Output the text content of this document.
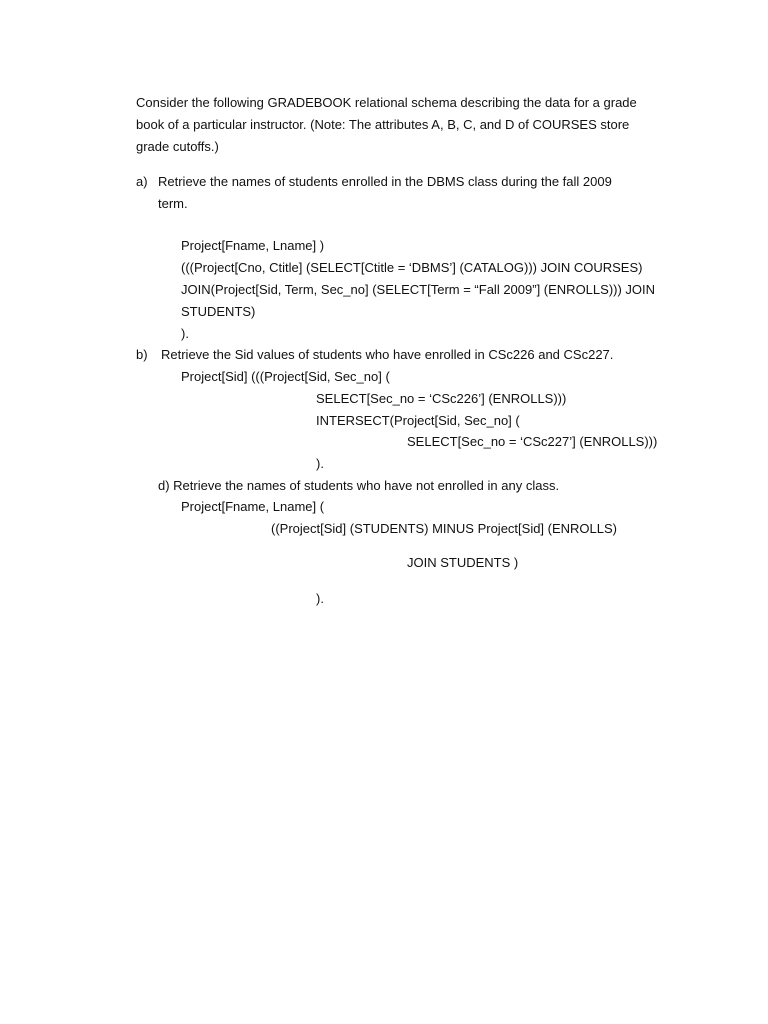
Consider the following GRADEBOOK relational schema describing the data for a grade
book of a particular instructor. (Note: The attributes A, B, C, and D of COURSES store
grade cutoffs.)
a) Retrieve the names of students enrolled in the DBMS class during the fall 2009
term.
Project[Fname, Lname] )
(((Project[Cno, Ctitle] (SELECT[Ctitle = ‘DBMS’] (CATALOG))) JOIN COURSES)
JOIN(Project[Sid, Term, Sec_no] (SELECT[Term = “Fall 2009”] (ENROLLS))) JOIN
STUDENTS)
).
b) Retrieve the Sid values of students who have enrolled in CSc226 and CSc227.
Project[Sid] (((Project[Sid, Sec_no] (
SELECT[Sec_no = ‘CSc226’] (ENROLLS)))
INTERSECT(Project[Sid, Sec_no] (
SELECT[Sec_no = ‘CSc227’] (ENROLLS)))
).
d) Retrieve the names of students who have not enrolled in any class.
Project[Fname, Lname] (
((Project[Sid] (STUDENTS) MINUS Project[Sid] (ENROLLS)
JOIN STUDENTS )
).
